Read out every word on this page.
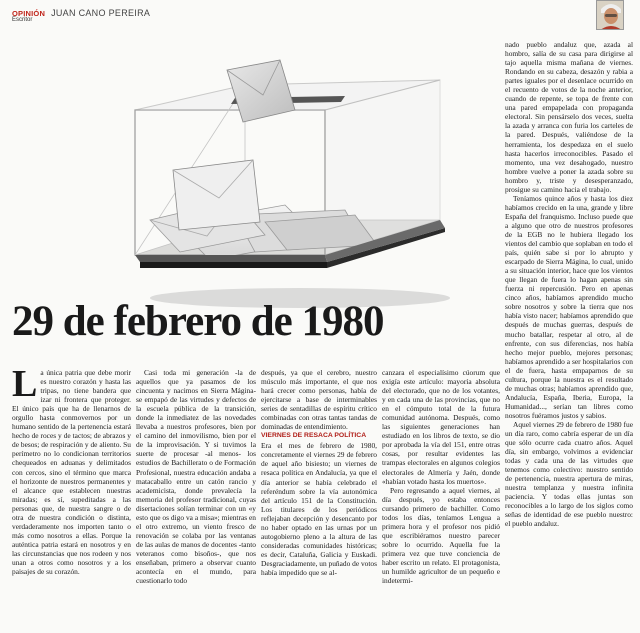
OPINIÓN JUAN CANO PEREIRA
Escritor
29 de febrero de 1980

La única patria que debe morir es nuestro corazón y hasta las tripas, no tiene bandera que izar ni frontera que proteger. El único país que ha de llenarnos de orgullo hasta conmovernos por un humano sentido de la pertenencia estará hecho de roces y de tactos; de abrazos y de besos; de respiración y de aliento. Su perímetro no lo condicionan territorios chequeados en aduanas y delimitados con cercos, sino el término que marca el horizonte de nuestros permanentes y el alcance que establecen nuestras miradas; es sí, supeditadas a las personas que, de nuestra sangre o de otra de nuestra condición o distinta, verdaderamente nos importen tanto o más como nosotros a ellas. Porque la auténtica patria estará en nosotros y en las circunstancias que nos rodeen y nos unan a otros como nosotros y a los paisajes de su corazón.

Casi toda mi generación -la de aquellos que ya pasamos de los cincuenta y nacimos en Sierra Mágina- se empapó de las virtudes y defectos de la escuela pública de la transición, donde la inmediatez de las novedades llevaba a nuestros profesores, bien por el camino del inmovilismo, bien por el de la improvisación. Y si tuvimos la suerte de procesar -al menos- los estudios de Bachillerato o de Formación Profesional, nuestra educación andaba a matacaballo entre un catón rancio y academicista, donde prevalecía la memoria del profesor tradicional, cuyas disertaciones solían terminar con un «y esto que os digo va a misa»; mientras en el otro extremo, un viento fresco de renovación se colaba por las ventanas de las aulas de manos de docentes -tanto veteranos como bisoños-, que nos enseñaban, primero a observar cuanto acontecía en el mundo, para cuestionarlo todo

después, ya que el cerebro, nuestro músculo más importante, el que nos hará crecer como personas, había de ejercitarse a base de interminables series de sentadillas de espíritu crítico combinadas con otras tantas tandas de dominadas de entendimiento.

VIERNES DE RESACA POLÍTICA

Era el mes de febrero de 1980, concretamente el viernes 29 de febrero de aquel año bisiesto; un viernes de resaca política en Andalucía, ya que el día anterior se había celebrado el referéndum sobre la vía autonómica del artículo 151 de la Constitución. Los titulares de los periódicos reflejaban decepción y desencanto por no haber optado en las urnas por un autogobierno pleno a la altura de las consideradas comunidades históricas; es decir, Cataluña, Galicia y Euskadi. Desgraciadamente, un puñado de votos había impedido que se al-

canzara el especialísimo cúorum que exigía este artículo: mayoría absoluta del electorado, que no de los votantes, y en cada una de las provincias, que no en el cómputo total de la futura comunidad autónoma. Después, como las siguientes generaciones han estudiado en los libros de texto, se dio por aprobada la vía del 151, entre otras cosas, por resultar evidentes las trampas electorales en algunos colegios electorales de Almería y Jaén, donde «habían votado hasta los muertos».

Pero regresando a aquel viernes, al día después, yo estaba entonces cursando primero de bachiller. Como todos los días, teníamos Lengua a primera hora y el profesor nos pidió que escribiéramos nuestro parecer sobre lo ocurrido. Aquella fue la primera vez que tuve conciencia de haber escrito un relato. El protagonista, un humilde agricultor de un pequeño e indetermi-

nado pueblo andaluz que, azada al hombro, salía de su casa para dirigirse al tajo aquella misma mañana de viernes. Rondando en su cabeza, desazón y rabia a partes iguales por el desenlace ocurrido en el recuento de votos de la noche anterior, cuando de repente, se topa de frente con una pared empapelada con propaganda electoral. Sin pensárselo dos veces, suelta la azada y arranca con furia los carteles de la pared. Después, valiéndose de la herramienta, los despedaza en el suelo hasta hacerlos irreconocibles. Pasado el momento, una vez desahogado, nuestro hombre vuelve a poner la azada sobre su hombro y, triste y desesperanzado, prosigue su camino hacia el trabajo.

Teníamos quince años y hasta los diez habíamos crecido en la una, grande y libre España del franquismo. Incluso puede que a alguno que otro de nuestros profesores de la EGB no le hubiera llegado los vientos del cambio que soplaban en todo el país, quién sabe si por lo abrupto y escarpado de Sierra Mágina, lo cual, unido a su situación interior, hace que los vientos que llegan de fuera lo hagan apenas sin fuerza ni repercusión. Pero en apenas cinco años, habíamos aprendido mucho sobre nosotros y sobre la tierra que nos había visto nacer; habíamos aprendido que después de muchas guerras, después de mucho batallar, respetar al otro, al de enfrente, con sus diferencias, nos había hecho mejor pueblo, mejores personas; habíamos aprendido a ser hospitalarios con el de fuera, hasta empaparnos de su cultura, porque la nuestra es el resultado de muchas otras; habíamos aprendido que, Andalucía, España, Iberia, Europa, la Humanidad..., serían tan libres como nosotros fuéramos justos y sabios.

Aquel viernes 29 de febrero de 1980 fue un día raro, como cabría esperar de un día que sólo ocurre cada cuatro años. Aquel día, sin embargo, volvimos a evidenciar todas y cada una de las virtudes que tenemos como colectivo: nuestro sentido de pertenencia, nuestra apertura de miras, nuestra templanza y nuestra infinita paciencia. Y todas ellas juntas son reconocibles a lo largo de los siglos como señas de identidad de ese pueblo nuestro: el pueblo andaluz.
